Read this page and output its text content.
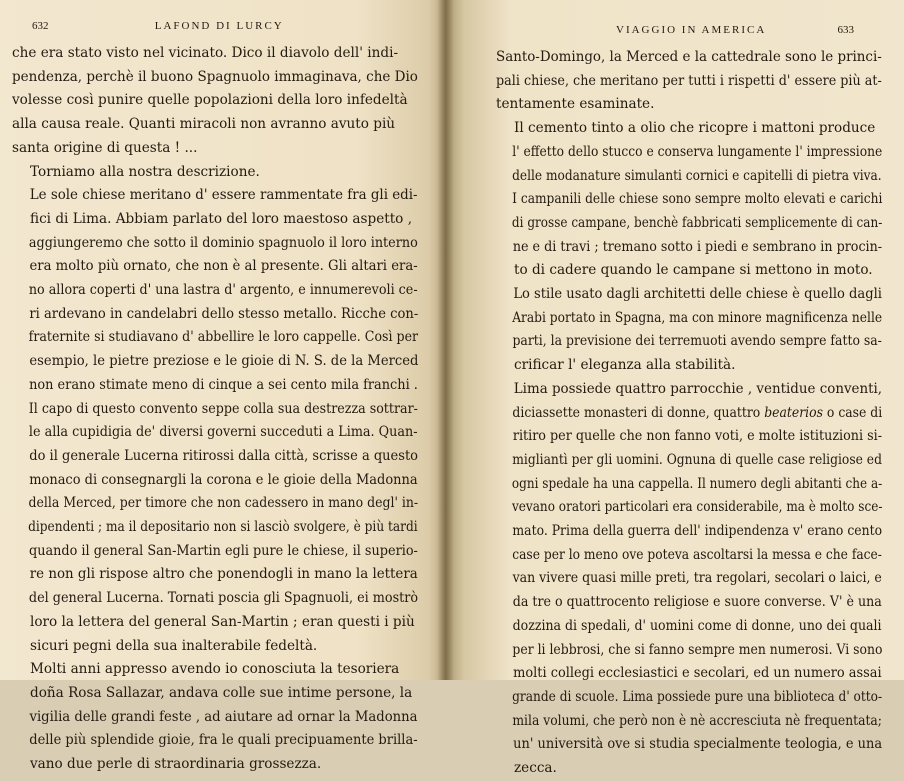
632	LAFOND DI LURCY

che era stato visto nel vicinato. Dico il diavolo dell' indi-
pendenza, perchè il buono Spagnuolo immaginava, che Dio
volesse così punire quelle popolazioni della loro infedeltà
alla causa reale. Quanti miracoli non avranno avuto più
santa origine di questa ! ...

Torniamo alla nostra descrizione.

Le sole chiese meritano d' essere rammentate fra gli edi-
fici di Lima. Abbiam parlato del loro maestoso aspetto ,
aggiungeremo che sotto il dominio spagnuolo il loro interno
era molto più ornato, che non è al presente. Gli altari era-
no allora coperti d' una lastra d' argento, e innumerevoli ce-
ri ardevano in candelabri dello stesso metallo. Ricche con-
fraternite si studiavano d' abbellire le loro cappelle. Così per
esempio, le pietre preziose e le gioie di N. S. de la Merced
non erano stimate meno di cinque a sei cento mila franchi .
Il capo di questo convento seppe colla sua destrezza sottrar-
le alla cupidigia de' diversi governi succeduti a Lima. Quan-
do il generale Lucerna ritirossi dalla città, scrisse a questo
monaco di consegnargli la corona e le gioie della Madonna
della Merced, per timore che non cadessero in mano degl' in-
dipendenti ; ma il depositario non si lasciò svolgere, è più tardi
quando il general San-Martin egli pure le chiese, il superio-
re non gli rispose altro che ponendogli in mano la lettera
del general Lucerna. Tornati poscia gli Spagnuoli, ei mostrò
loro la lettera del general San-Martin ; eran questi i più
sicuri pegni della sua inalterabile fedeltà.

Molti anni appresso avendo io conosciuta la tesoriera
doña Rosa Sallazar, andava colle sue intime persone, la
vigilia delle grandi feste , ad aiutare ad ornar la Madonna
delle più splendide gioie, fra le quali precipuamente brilla-
vano due perle di straordinaria grossezza.

VIAGGIO IN AMERICA	633

Santo-Domingo, la Merced e la cattedrale sono le princi-
pali chiese, che meritano per tutti i rispetti d' essere più at-
tentamente esaminate.

Il cemento tinto a olio che ricopre i mattoni produce
l' effetto dello stucco e conserva lungamente l' impressione
delle modanature simulanti cornici e capitelli di pietra viva.
I campanili delle chiese sono sempre molto elevati e carichi
di grosse campane, benchè fabbricati semplicemente di can-
ne e di travi ; tremano sotto i piedi e sembrano in procin-
to di cadere quando le campane si mettono in moto.

Lo stile usato dagli architetti delle chiese è quello dagli
Arabi portato in Spagna, ma con minore magnificenza nelle
parti, la previsione dei terremuoti avendo sempre fatto sa-
crificar l' eleganza alla stabilità.

Lima possiede quattro parrocchie , ventidue conventi,
diciassette monasteri di donne, quattro beaterios o case di
ritiro per quelle che non fanno voti, e molte istituzioni si-
migliantì per gli uomini. Ognuna di quelle case religiose ed
ogni spedale ha una cappella. Il numero degli abitanti che a-
vevano oratori particolari era considerabile, ma è molto sce-
mato. Prima della guerra dell' indipendenza v' erano cento
case per lo meno ove poteva ascoltarsi la messa e che face-
van vivere quasi mille preti, tra regolari, secolari o laici, e
da tre o quattrocento religiose e suore converse. V' è una
dozzina di spedali, d' uomini come di donne, uno dei quali
per li lebbrosi, che si fanno sempre men numerosi. Vi sono
molti collegi ecclesiastici e secolari, ed un numero assai
grande di scuole. Lima possiede pure una biblioteca d' otto-
mila volumi, che però non è nè accresciuta nè frequentata;
un' università ove si studia specialmente teologia, e una
zecca.
